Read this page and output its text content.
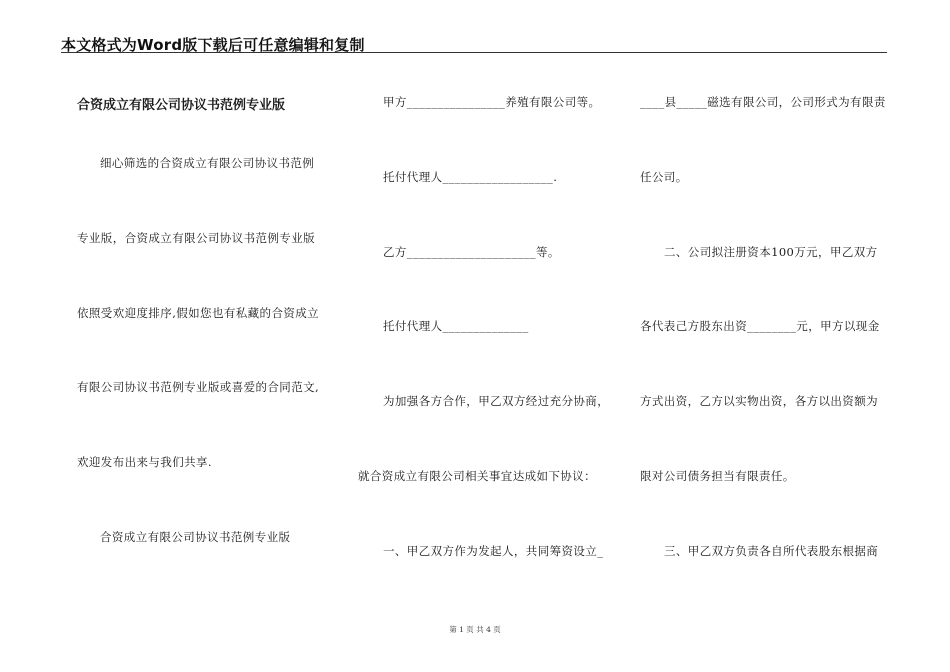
本文格式为Word版下载后可任意编辑和复制
合资成立有限公司协议书范例专业版
细心筛选的合资成立有限公司协议书范例
专业版，合资成立有限公司协议书范例专业版
依照受欢迎度排序,假如您也有私藏的合资成立
有限公司协议书范例专业版或喜爱的合同范文,
欢迎发布出来与我们共享.
合资成立有限公司协议书范例专业版
甲方________________养殖有限公司等。
托付代理人__________________.
乙方_____________________等。
托付代理人______________
为加强各方合作，甲乙双方经过充分协商，
就合资成立有限公司相关事宜达成如下协议：
一、甲乙双方作为发起人，共同筹资设立_
____县_____磁选有限公司，公司形式为有限责
任公司。
二、公司拟注册资本100万元，甲乙双方
各代表己方股东出资________元，甲方以现金
方式出资，乙方以实物出资，各方以出资额为
限对公司债务担当有限责任。
三、甲乙双方负责各自所代表股东根据商
第 1 页 共 4 页
